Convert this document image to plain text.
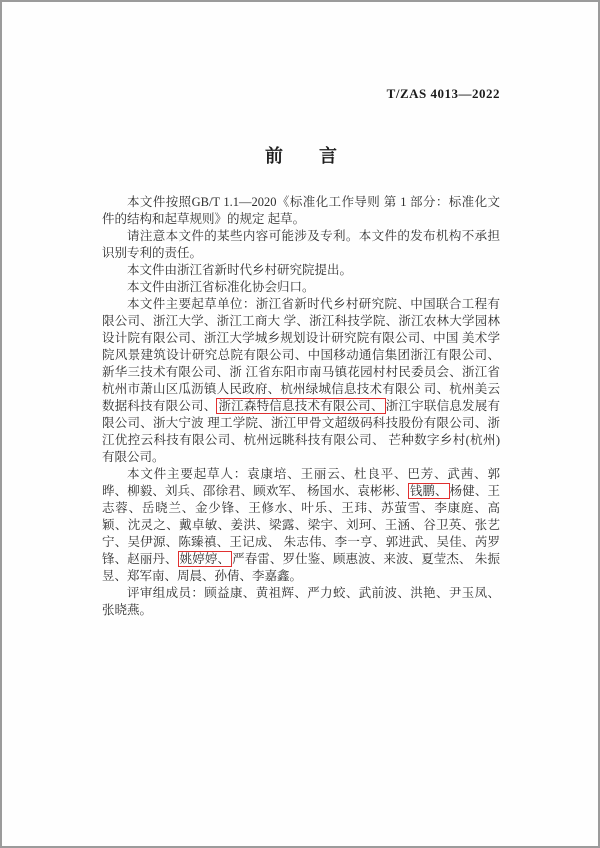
T/ZAS 4013—2022
前　　言

本文件按照GB/T 1.1—2020《标准化工作导则 第 1 部分：标准化文件的结构和起草规则》的规定 起草。

请注意本文件的某些内容可能涉及专利。本文件的发布机构不承担识别专利的责任。

本文件由浙江省新时代乡村研究院提出。

本文件由浙江省标准化协会归口。

本文件主要起草单位：浙江省新时代乡村研究院、中国联合工程有限公司、浙江大学、浙江工商大 学、浙江科技学院、浙江农林大学园林设计院有限公司、浙江大学城乡规划设计研究院有限公司、中国 美术学院风景建筑设计研究总院有限公司、中国移动通信集团浙江有限公司、新华三技术有限公司、浙 江省东阳市南马镇花园村村民委员会、浙江省杭州市萧山区瓜沥镇人民政府、杭州绿城信息技术有限公 司、杭州美云数据科技有限公司、 浙江森特信息技术有限公司、 浙江宇联信息发展有限公司、浙大宁波 理工学院、浙江甲骨文超级码科技股份有限公司、浙江优控云科技有限公司、杭州远眺科技有限公司、 芒种数字乡村(杭州) 有限公司。

本文件主要起草人：袁康培、王丽云、杜良平、巴芳、武茜、郭晔、柳毅、刘兵、邵徐君、顾欢军、 杨国水、袁彬彬、 钱鹏、 杨健、王志蓉、岳晓兰、金少锋、王修水、叶乐、王玮、苏萤雪、李康庭、高 颖、沈灵之、戴卓敏、姜洪、梁露、梁宇、刘珂、王涵、谷卫英、张艺宁、吴伊源、陈臻禛、王记成、 朱志伟、李一亨、郭进武、吴佳、芮罗锋、赵丽丹、 姚婷婷、 严春雷、罗仕鉴、顾惠波、来波、夏莹杰、 朱振昱、郑军南、周晨、孙倩、李嘉鑫。

评审组成员：顾益康、黄祖辉、严力蛟、武前波、洪艳、尹玉凤、张晓燕。
